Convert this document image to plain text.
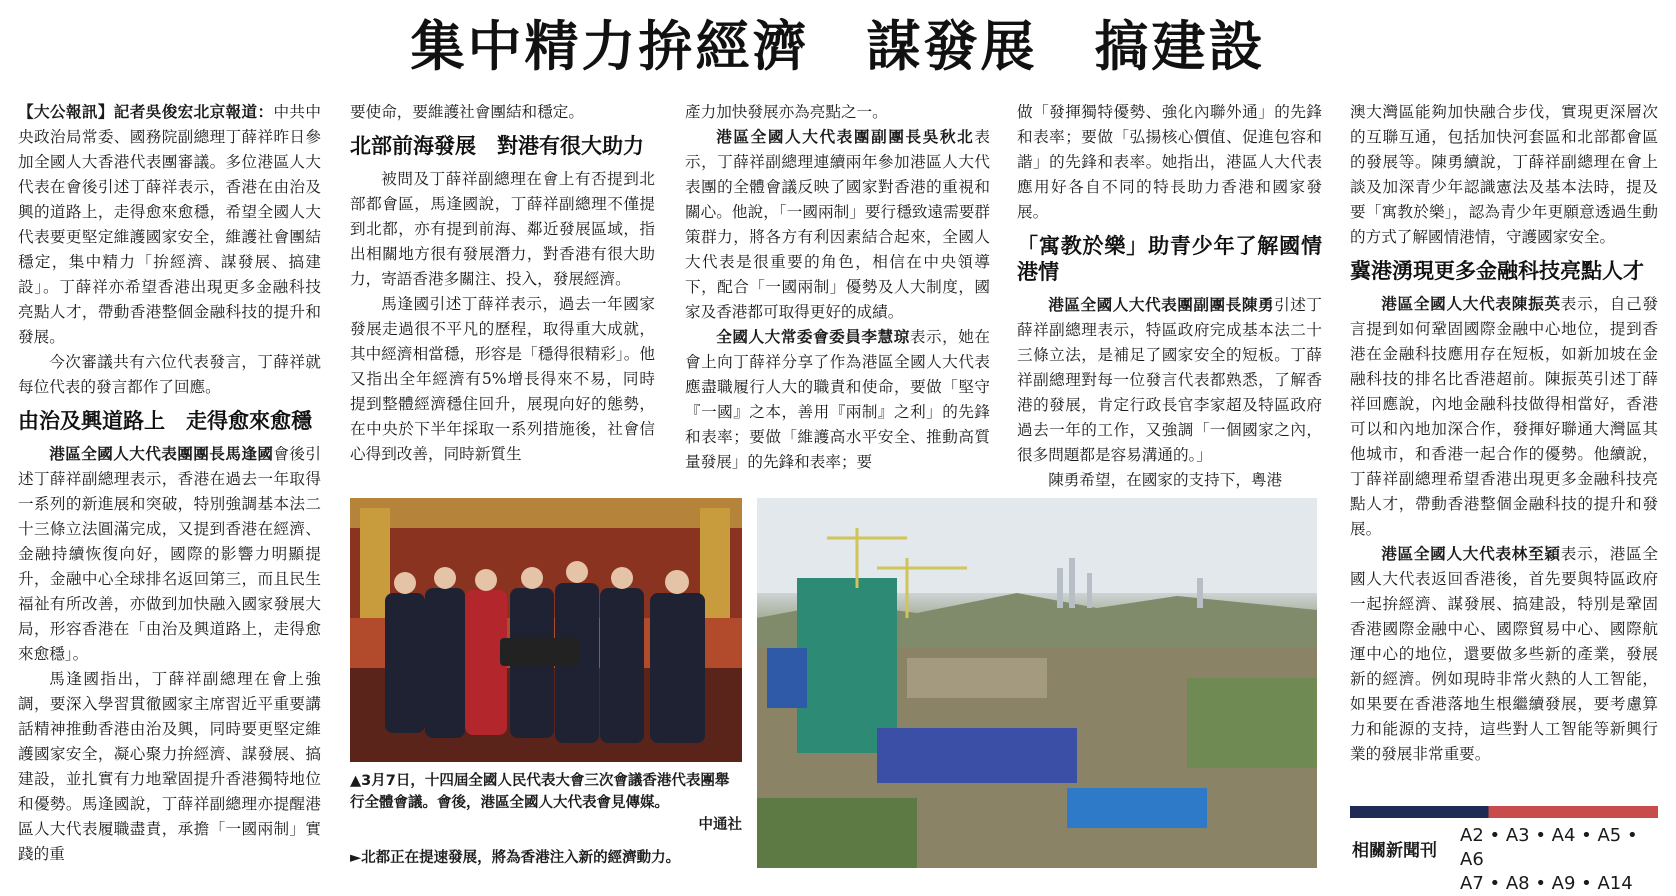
集中精力拚經濟　謀發展　搞建設

【大公報訊】記者吳俊宏北京報道：中共中央政治局常委、國務院副總理丁薛祥昨日參加全國人大香港代表團審議。多位港區人大代表在會後引述丁薛祥表示，香港在由治及興的道路上，走得愈來愈穩，希望全國人大代表要更堅定維護國家安全，維護社會團結穩定，集中精力「拚經濟、謀發展、搞建設」。丁薛祥亦希望香港出現更多金融科技亮點人才，帶動香港整個金融科技的提升和發展。

今次審議共有六位代表發言，丁薛祥就每位代表的發言都作了回應。

由治及興道路上　走得愈來愈穩

港區全國人大代表團團長馬逢國會後引述丁薛祥副總理表示，香港在過去一年取得一系列的新進展和突破，特別強調基本法二十三條立法圓滿完成，又提到香港在經濟、金融持續恢復向好，國際的影響力明顯提升，金融中心全球排名返回第三，而且民生福祉有所改善，亦做到加快融入國家發展大局，形容香港在「由治及興道路上，走得愈來愈穩」。

馬逢國指出，丁薛祥副總理在會上強調，要深入學習貫徹國家主席習近平重要講話精神推動香港由治及興，同時要更堅定維護國家安全，凝心聚力拚經濟、謀發展、搞建設，並扎實有力地鞏固提升香港獨特地位和優勢。馬逢國說，丁薛祥副總理亦提醒港區人大代表履職盡責，承擔「一國兩制」實踐的重

要使命，要維護社會團結和穩定。

北部前海發展　對港有很大助力

被問及丁薛祥副總理在會上有否提到北部都會區，馬逢國說，丁薛祥副總理不僅提到北都，亦有提到前海、鄰近發展區域，指出相關地方很有發展潛力，對香港有很大助力，寄語香港多關注、投入，發展經濟。

馬逢國引述丁薛祥表示，過去一年國家發展走過很不平凡的歷程，取得重大成就，其中經濟相當穩，形容是「穩得很精彩」。他又指出全年經濟有5%增長得來不易，同時提到整體經濟穩住回升，展現向好的態勢，在中央於下半年採取一系列措施後，社會信心得到改善，同時新質生

產力加快發展亦為亮點之一。

港區全國人大代表團副團長吳秋北表示，丁薛祥副總理連續兩年參加港區人大代表團的全體會議反映了國家對香港的重視和關心。他說，「一國兩制」要行穩致遠需要群策群力，將各方有利因素結合起來，全國人大代表是很重要的角色，相信在中央領導下，配合「一國兩制」優勢及人大制度，國家及香港都可取得更好的成績。

全國人大常委會委員李慧琼表示，她在會上向丁薛祥分享了作為港區全國人大代表應盡職履行人大的職責和使命，要做「堅守『一國』之本，善用『兩制』之利」的先鋒和表率；要做「維護高水平安全、推動高質量發展」的先鋒和表率；要

做「發揮獨特優勢、強化內聯外通」的先鋒和表率；要做「弘揚核心價值、促進包容和諧」的先鋒和表率。她指出，港區人大代表應用好各自不同的特長助力香港和國家發展。

「寓教於樂」助青少年了解國情港情

港區全國人大代表團副團長陳勇引述丁薛祥副總理表示，特區政府完成基本法二十三條立法，是補足了國家安全的短板。丁薛祥副總理對每一位發言代表都熟悉，了解香港的發展，肯定行政長官李家超及特區政府過去一年的工作，又強調「一個國家之內，很多問題都是容易溝通的。」

陳勇希望，在國家的支持下，粵港

澳大灣區能夠加快融合步伐，實現更深層次的互聯互通，包括加快河套區和北部都會區的發展等。陳勇續說，丁薛祥副總理在會上談及加深青少年認識憲法及基本法時，提及要「寓教於樂」，認為青少年更願意透過生動的方式了解國情港情，守護國家安全。

冀港湧現更多金融科技亮點人才

港區全國人大代表陳振英表示，自己發言提到如何鞏固國際金融中心地位，提到香港在金融科技應用存在短板，如新加坡在金融科技的排名比香港超前。陳振英引述丁薛祥回應說，內地金融科技做得相當好，香港可以和內地加深合作，發揮好聯通大灣區其他城市，和香港一起合作的優勢。他續說，丁薛祥副總理希望香港出現更多金融科技亮點人才，帶動香港整個金融科技的提升和發展。

港區全國人大代表林至穎表示，港區全國人大代表返回香港後，首先要與特區政府一起拚經濟、謀發展、搞建設，特別是鞏固香港國際金融中心、國際貿易中心、國際航運中心的地位，還要做多些新的產業，發展新的經濟。例如現時非常火熱的人工智能，如果要在香港落地生根繼續發展，要考慮算力和能源的支持，這些對人工智能等新興行業的發展非常重要。

▲3月7日，十四屆全國人民代表大會三次會議香港代表團舉行全體會議。會後，港區全國人大代表會見傳媒。
中通社
►北都正在提速發展，將為香港注入新的經濟動力。	相關新聞刊
A2 • A3 • A4 • A5 • A6
A7 • A8 • A9 • A14
